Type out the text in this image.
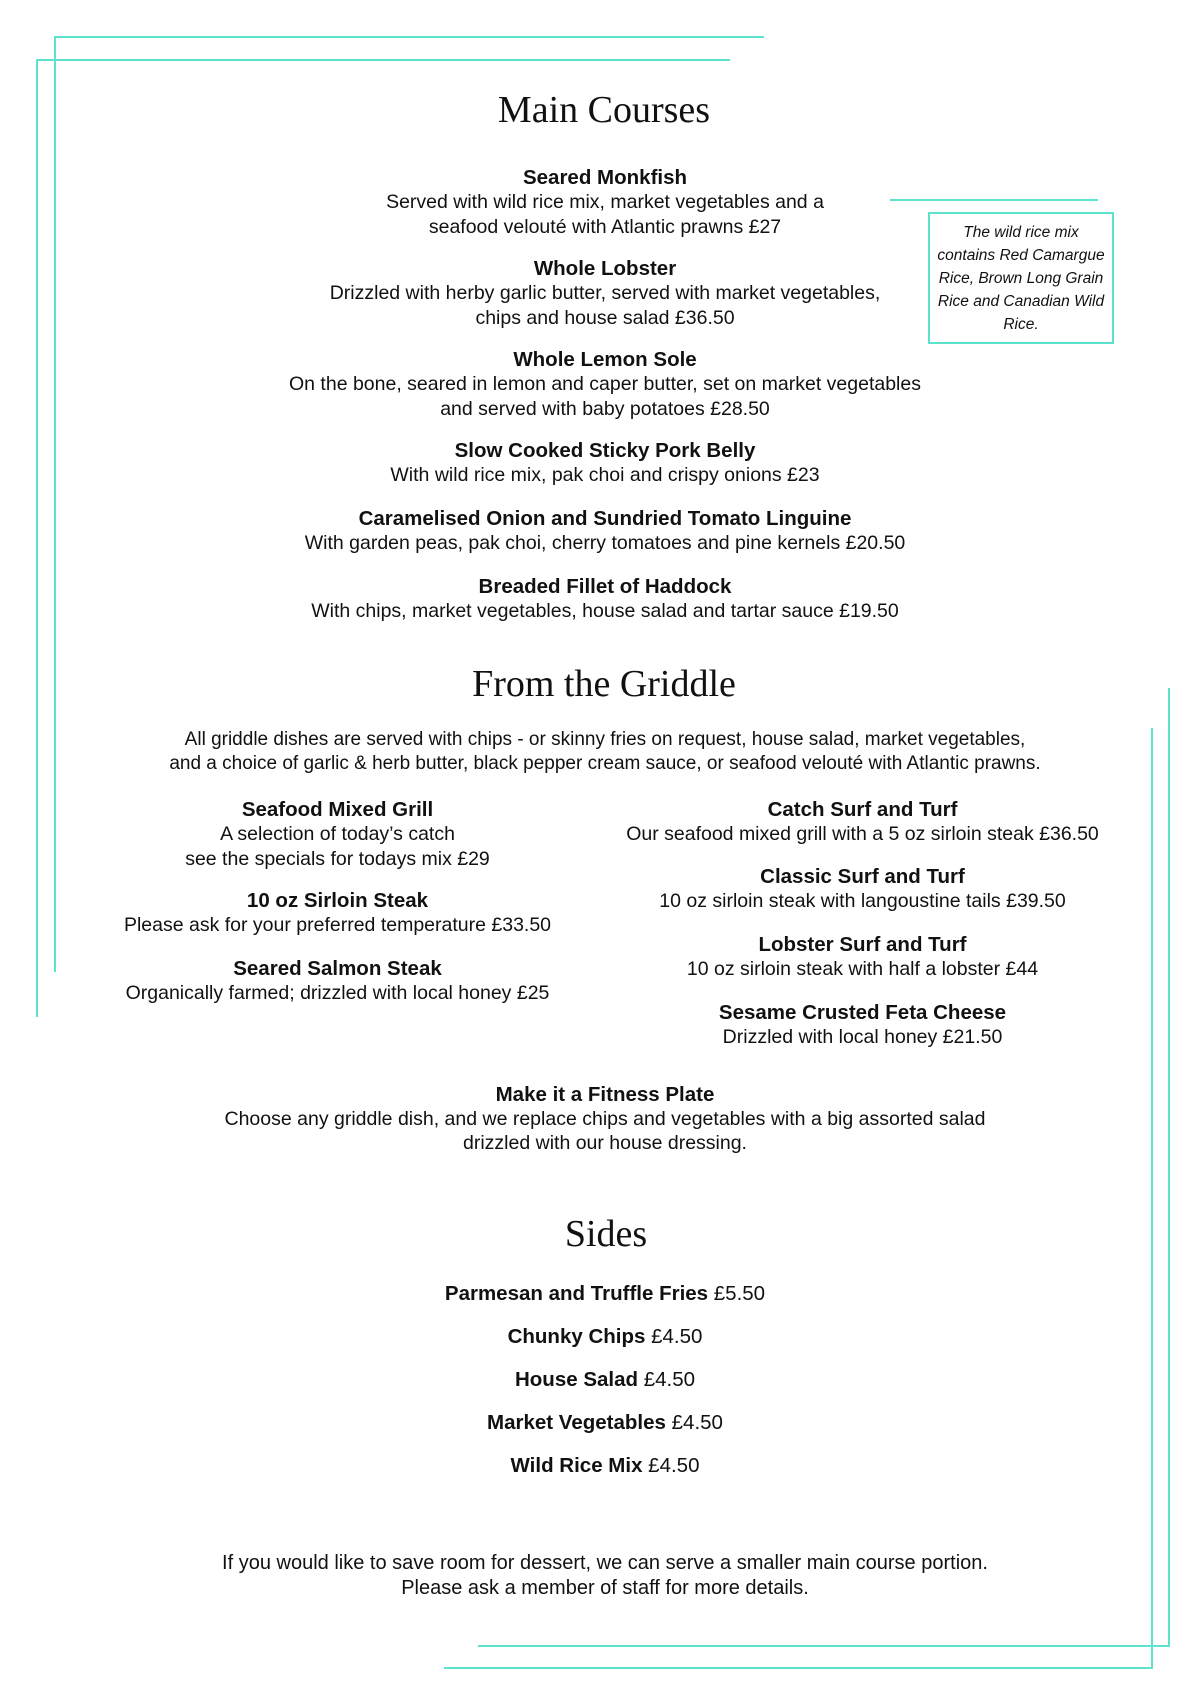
Main Courses
Seared Monkfish
Served with wild rice mix, market vegetables and a
seafood velouté with Atlantic prawns £27
Whole Lobster
Drizzled with herby garlic butter, served with market vegetables,
chips and house salad £36.50
Whole Lemon Sole
On the bone, seared in lemon and caper butter, set on market vegetables
and served with baby potatoes £28.50
Slow Cooked Sticky Pork Belly
With wild rice mix, pak choi and crispy onions £23
Caramelised Onion and Sundried Tomato Linguine
With garden peas, pak choi, cherry tomatoes and pine kernels £20.50
Breaded Fillet of Haddock
With chips, market vegetables, house salad and tartar sauce £19.50
The wild rice mix contains Red Camargue Rice, Brown Long Grain Rice and Canadian Wild Rice.
From the Griddle
All griddle dishes are served with chips - or skinny fries on request, house salad, market vegetables,
and a choice of garlic & herb butter, black pepper cream sauce, or seafood velouté with Atlantic prawns.
Seafood Mixed Grill
A selection of today’s catch
see the specials for todays mix £29
10 oz Sirloin Steak
Please ask for your preferred temperature £33.50
Seared Salmon Steak
Organically farmed; drizzled with local honey £25
Catch Surf and Turf
Our seafood mixed grill with a 5 oz sirloin steak £36.50
Classic Surf and Turf
10 oz sirloin steak with langoustine tails £39.50
Lobster Surf and Turf
10 oz sirloin steak with half a lobster £44
Sesame Crusted Feta Cheese
Drizzled with local honey £21.50
Make it a Fitness Plate
Choose any griddle dish, and we replace chips and vegetables with a big assorted salad
drizzled with our house dressing.
Sides
Parmesan and Truffle Fries £5.50
Chunky Chips £4.50
House Salad £4.50
Market Vegetables £4.50
Wild Rice Mix £4.50
If you would like to save room for dessert, we can serve a smaller main course portion.
Please ask a member of staff for more details.
